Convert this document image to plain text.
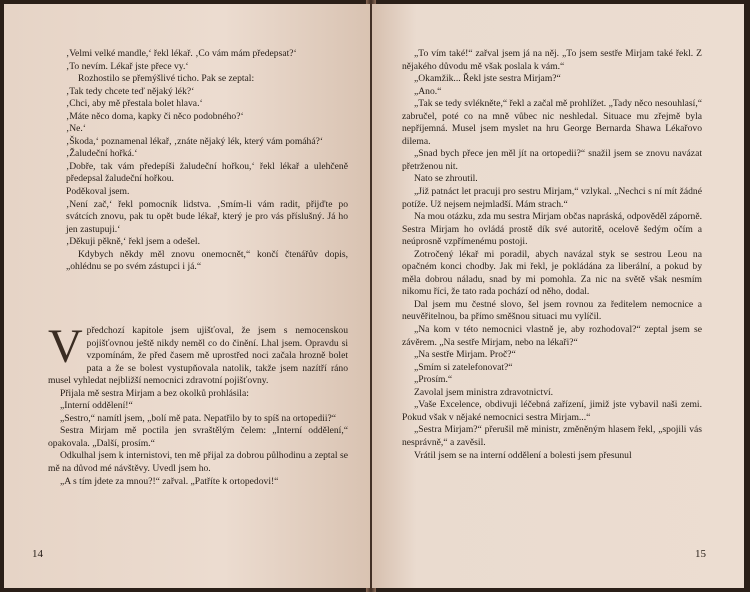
‚Velmi velké mandle,‘ řekl lékař. ‚Co vám mám předepsat?‘

‚To nevím. Lékař jste přece vy.‘

Rozhostilo se přemýšlivé ticho. Pak se zeptal:

‚Tak tedy chcete teď nějaký lék?‘

‚Chci, aby mě přestala bolet hlava.‘

‚Máte něco doma, kapky či něco podobného?‘

‚Ne.‘

‚Škoda,‘ poznamenal lékař, ‚znáte nějaký lék, který vám pomáhá?‘

‚Žaludeční hořká.‘

‚Dobře, tak vám předepíši žaludeční hořkou,‘ řekl lékař a ulehčeně předepsal žaludeční hořkou.

Poděkoval jsem.

‚Není zač,‘ řekl pomocník lidstva. ‚Smím-li vám radit, přijďte po svátcích znovu, pak tu opět bude lékař, který je pro vás příslušný. Já ho jen zastupuji.‘

‚Děkuji pěkně,‘ řekl jsem a odešel.

Kdybych někdy měl znovu onemocnět,“ končí čtenářův dopis, „ohlédnu se po svém zástupci i já.“

Vpředchozí kapitole jsem ujišťoval, že jsem s nemocenskou pojišťovnou ještě nikdy neměl co do činění. Lhal jsem. Opravdu si vzpomínám, že před časem mě uprostřed noci začala hrozně bolet pata a že se bolest vystupňovala natolik, takže jsem nazítří ráno musel vyhledat nejbližší nemocnici zdravotní pojišťovny.

Přijala mě sestra Mirjam a bez okolků prohlásila:

„Interní oddělení!“

„Sestro,“ namítl jsem, „bolí mě pata. Nepatřilo by to spíš na ortopedii?“

Sestra Mirjam mě poctila jen svraštělým čelem: „Interní oddělení,“ opakovala. „Další, prosím.“

Odkulhal jsem k internistovi, ten mě přijal za dobrou půlhodinu a zeptal se mě na důvod mé návštěvy. Uvedl jsem ho.

„A s tím jdete za mnou?!“ zařval. „Patříte k ortopedovi!“

14

„To vím také!“ zařval jsem já na něj. „To jsem sestře Mirjam také řekl. Z nějakého důvodu mě však poslala k vám.“

„Okamžik... Řekl jste sestra Mirjam?“

„Ano.“

„Tak se tedy svlékněte,“ řekl a začal mě prohlížet. „Tady něco nesouhlasí,“ zabručel, poté co na mně vůbec nic neshledal. Situace mu zřejmě byla nepříjemná. Musel jsem myslet na hru George Bernarda Shawa Lékařovo dilema.

„Snad bych přece jen měl jít na ortopedii?“ snažil jsem se znovu navázat přetrženou nit.

Nato se zhroutil.

„Již patnáct let pracuji pro sestru Mirjam,“ vzlykal. „Nechci s ní mít žádné potíže. Už nejsem nejmladší. Mám strach.“

Na mou otázku, zda mu sestra Mirjam občas napráská, odpověděl záporně. Sestra Mirjam ho ovládá prostě dík své autoritě, ocelově šedým očím a neúprosně vzpřímenému postoji.

Zotročený lékař mi poradil, abych navázal styk se sestrou Leou na opačném konci chodby. Jak mi řekl, je pokládána za liberální, a pokud by měla dobrou náladu, snad by mi pomohla. Za nic na světě však nesmím nikomu říci, že tato rada pochází od něho, dodal.

Dal jsem mu čestné slovo, šel jsem rovnou za ředitelem nemocnice a neuvěřitelnou, ba přímo směšnou situaci mu vylíčil.

„Na kom v této nemocnici vlastně je, aby rozhodoval?“ zeptal jsem se závěrem. „Na sestře Mirjam, nebo na lékaři?“

„Na sestře Mirjam. Proč?“

„Smím si zatelefonovat?“

„Prosím.“

Zavolal jsem ministra zdravotnictví.

„Vaše Excelence, obdivuji léčebná zařízení, jimiž jste vybavil naši zemi. Pokud však v nějaké nemocnici sestra Mirjam...“

„Sestra Mirjam?“ přerušil mě ministr, změněným hlasem řekl, „spojili vás nesprávně,“ a zavěsil.

Vrátil jsem se na interní oddělení a bolesti jsem přesunul

15
